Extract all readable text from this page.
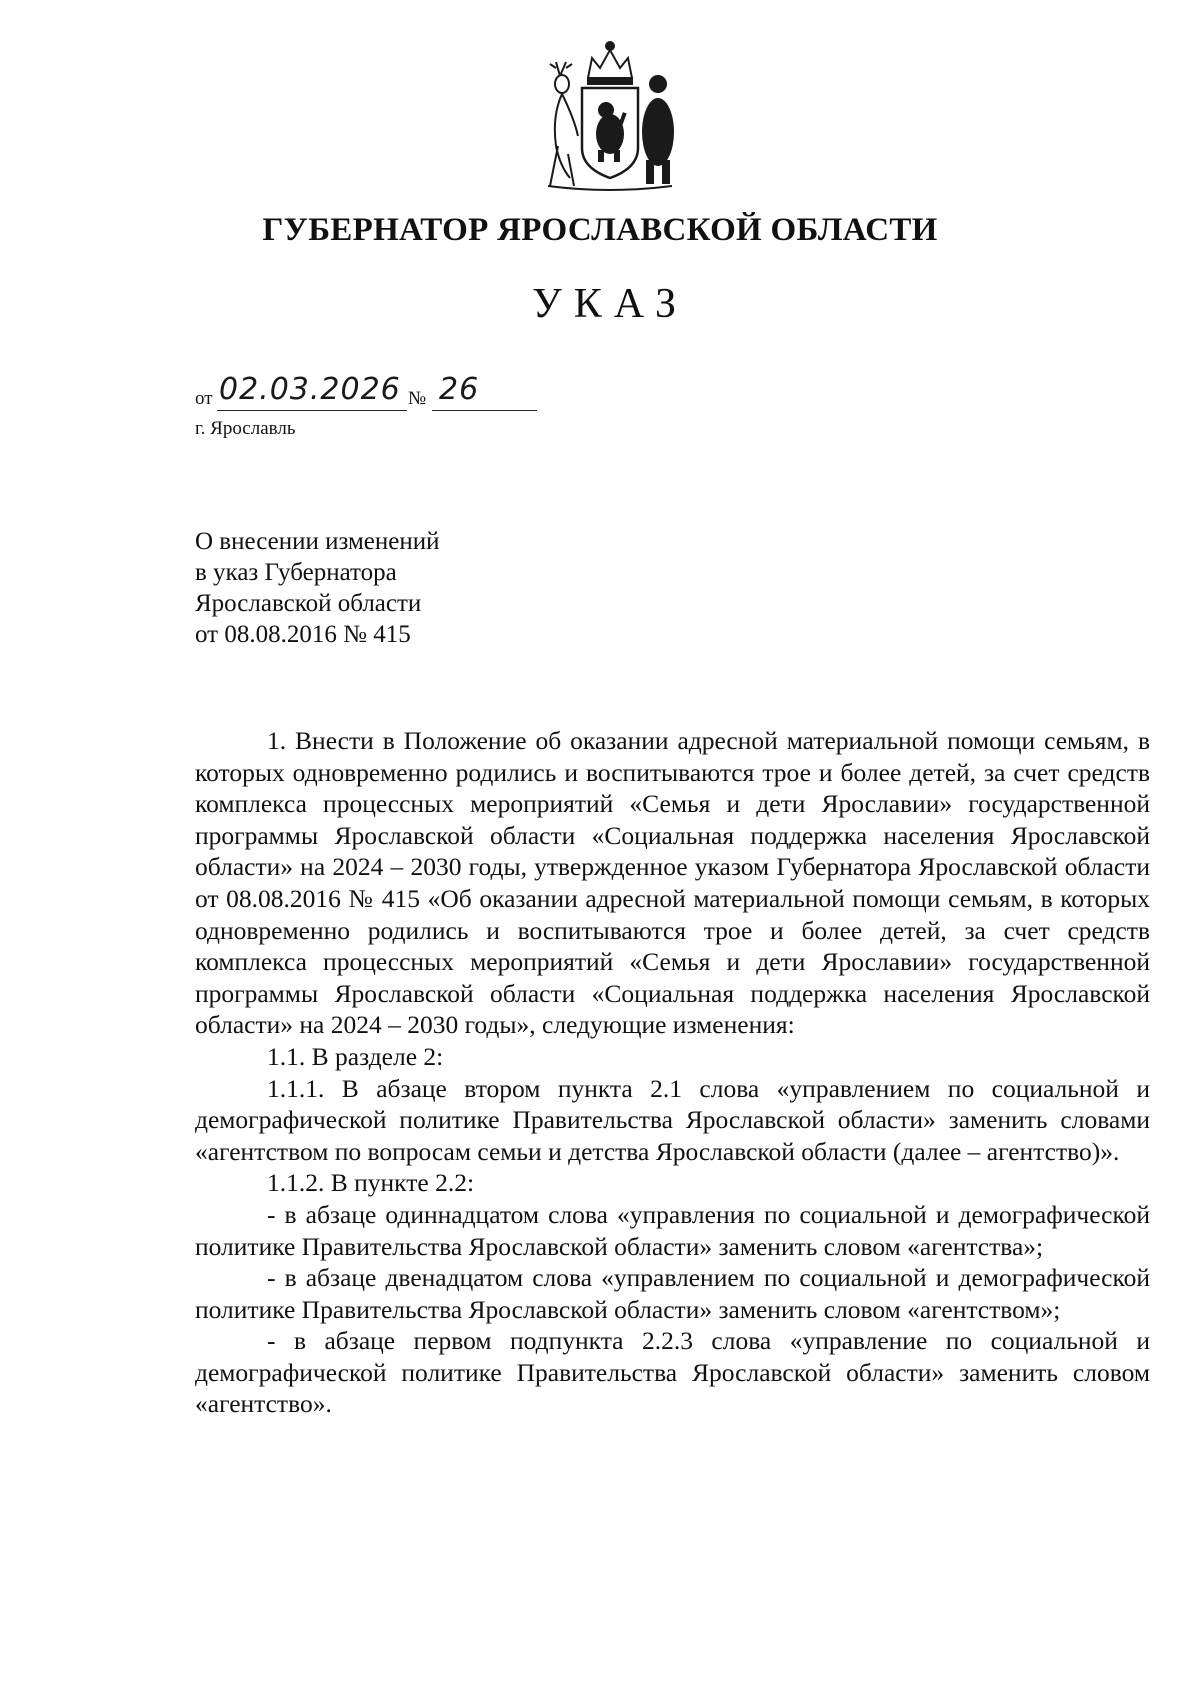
ГУБЕРНАТОР ЯРОСЛАВСКОЙ ОБЛАСТИ
УКАЗ
от 02.03.2026 № 26
г. Ярославль
О внесении изменений
в указ Губернатора
Ярославской области
от 08.08.2016 № 415

1. Внести в Положение об оказании адресной материальной помощи семьям, в которых одновременно родились и воспитываются трое и более детей, за счет средств комплекса процессных мероприятий «Семья и дети Ярославии» государственной программы Ярославской области «Социальная поддержка населения Ярославской области» на 2024 – 2030 годы, утвержденное указом Губернатора Ярославской области от 08.08.2016 № 415 «Об оказании адресной материальной помощи семьям, в которых одновременно родились и воспитываются трое и более детей, за счет средств комплекса процессных мероприятий «Семья и дети Ярославии» государственной программы Ярославской области «Социальная поддержка населения Ярославской области» на 2024 – 2030 годы», следующие изменения:

1.1. В разделе 2:

1.1.1. В абзаце втором пункта 2.1 слова «управлением по социальной и демографической политике Правительства Ярославской области» заменить словами «агентством по вопросам семьи и детства Ярославской области (далее – агентство)».

1.1.2. В пункте 2.2:

- в абзаце одиннадцатом слова «управления по социальной и демографической политике Правительства Ярославской области» заменить словом «агентства»;

- в абзаце двенадцатом слова «управлением по социальной и демографической политике Правительства Ярославской области» заменить словом «агентством»;

- в абзаце первом подпункта 2.2.3 слова «управление по социальной и демографической политике Правительства Ярославской области» заменить словом «агентство».
